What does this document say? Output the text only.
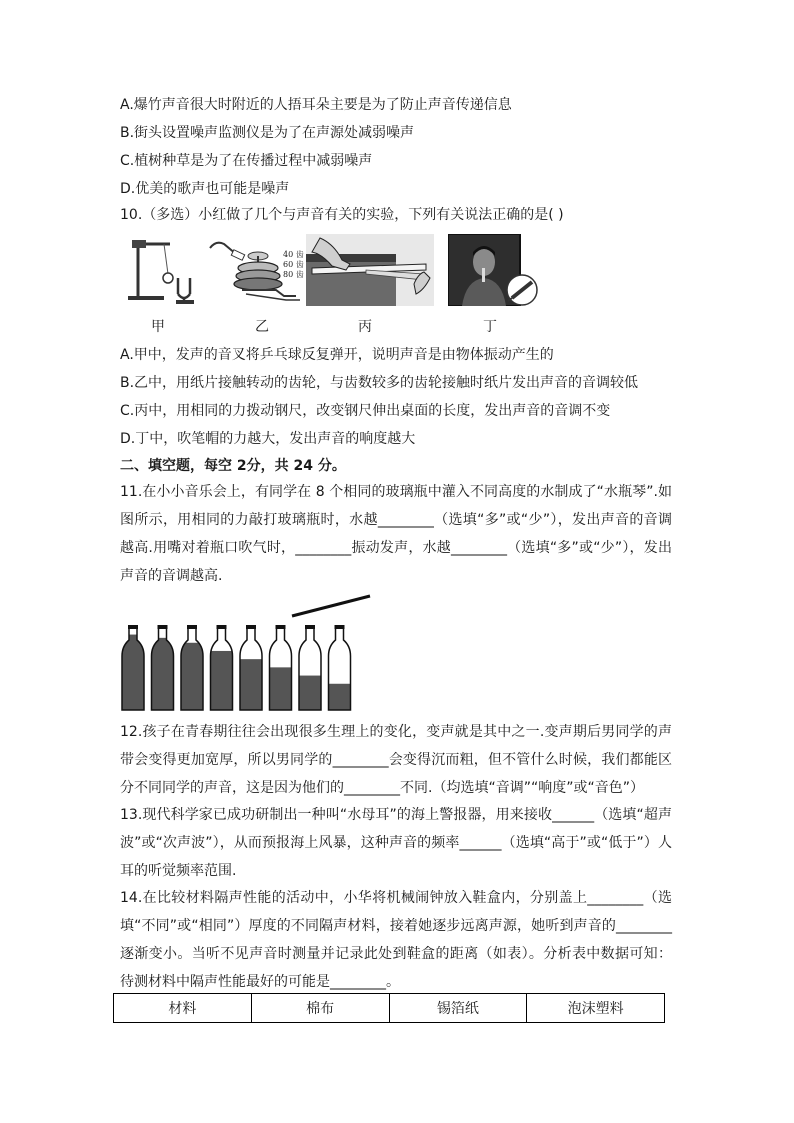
A.爆竹声音很大时附近的人捂耳朵主要是为了防止声音传递信息
B.街头设置噪声监测仪是为了在声源处减弱噪声
C.植树种草是为了在传播过程中减弱噪声
D.优美的歌声也可能是噪声
10.（多选）小红做了几个与声音有关的实验，下列有关说法正确的是( )
40 齿
60 齿
80 齿
甲	乙	丙	丁
A.甲中，发声的音叉将乒乓球反复弹开，说明声音是由物体振动产生的
B.乙中，用纸片接触转动的齿轮，与齿数较多的齿轮接触时纸片发出声音的音调较低
C.丙中，用相同的力拨动钢尺，改变钢尺伸出桌面的长度，发出声音的音调不变
D.丁中，吹笔帽的力越大，发出声音的响度越大
二、填空题，每空 2分，共 24 分。
11.在小小音乐会上，有同学在 8 个相同的玻璃瓶中灌入不同高度的水制成了“水瓶琴”.如图所示，用相同的力敲打玻璃瓶时，水越________（选填“多”或“少”），发出声音的音调越高.用嘴对着瓶口吹气时，________振动发声，水越________（选填“多”或“少”），发出声音的音调越高.
12.孩子在青春期往往会出现很多生理上的变化，变声就是其中之一.变声期后男同学的声带会变得更加宽厚，所以男同学的________会变得沉而粗，但不管什么时候，我们都能区分不同同学的声音，这是因为他们的________不同.（均选填“音调”“响度”或“音色”）
13.现代科学家已成功研制出一种叫“水母耳”的海上警报器，用来接收______（选填“超声波”或“次声波”），从而预报海上风暴，这种声音的频率______（选填“高于”或“低于”）人耳的听觉频率范围.
14.在比较材料隔声性能的活动中，小华将机械闹钟放入鞋盒内，分别盖上________（选填“不同”或“相同”）厚度的不同隔声材料，接着她逐步远离声源，她听到声音的________逐渐变小。当听不见声音时测量并记录此处到鞋盒的距离（如表）。分析表中数据可知：待测材料中隔声性能最好的可能是________。
材料	棉布	锡箔纸	泡沫塑料
